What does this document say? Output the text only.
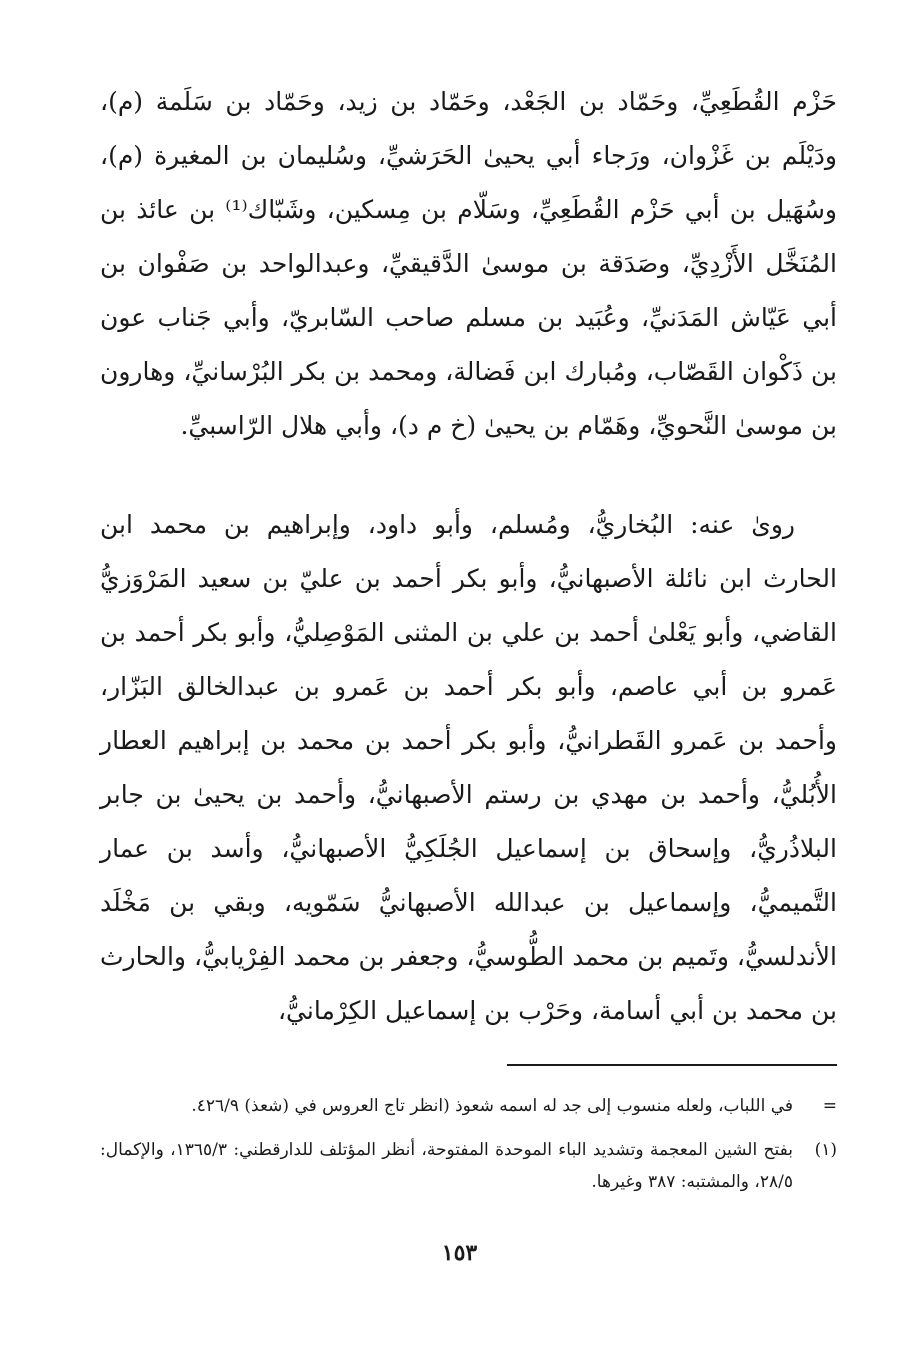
حَزْم القُطَعِيِّ، وحَمّاد بن الجَعْد، وحَمّاد بن زيد، وحَمّاد بن سَلَمة (م)، ودَيْلَم بن غَزْوان، ورَجاء أبي يحيىٰ الحَرَشيِّ، وسُليمان بن المغيرة (م)، وسُهَيل بن أبي حَزْم القُطَعِيِّ، وسَلّام بن مِسكين، وشَبّاك⁽¹⁾ بن عائذ بن المُنَخَّل الأَزْدِيِّ، وصَدَقة بن موسىٰ الدَّقيقيِّ، وعبدالواحد بن صَفْوان بن أبي عَيّاش المَدَنيِّ، وعُبَيد بن مسلم صاحب السّابريّ، وأبي جَناب عون بن ذَكْوان القَصّاب، ومُبارك ابن فَضالة، ومحمد بن بكر البُرْسانيِّ، وهارون بن موسىٰ النَّحويِّ، وهَمّام بن يحيىٰ (خ م د)، وأبي هلال الرّاسبيِّ.

روىٰ عنه: البُخاريُّ، ومُسلم، وأبو داود، وإبراهيم بن محمد ابن الحارث ابن نائلة الأصبهانيُّ، وأبو بكر أحمد بن عليّ بن سعيد المَرْوَزيُّ القاضي، وأبو يَعْلىٰ أحمد بن علي بن المثنى المَوْصِليُّ، وأبو بكر أحمد بن عَمرو بن أبي عاصم، وأبو بكر أحمد بن عَمرو بن عبدالخالق البَزّار، وأحمد بن عَمرو القَطرانيُّ، وأبو بكر أحمد بن محمد بن إبراهيم العطار الأُبُليُّ، وأحمد بن مهدي بن رستم الأصبهانيُّ، وأحمد بن يحيىٰ بن جابر البلاذُريُّ، وإسحاق بن إسماعيل الجُلَكِيُّ الأصبهانيُّ، وأسد بن عمار التَّميميُّ، وإسماعيل بن عبدالله الأصبهانيُّ سَمّويه، وبقي بن مَخْلَد الأندلسيُّ، وتَميم بن محمد الطُّوسيُّ، وجعفر بن محمد الفِرْيابيُّ، والحارث بن محمد بن أبي أسامة، وحَرْب بن إسماعيل الكِرْمانيُّ،

=
في اللباب، ولعله منسوب إلى جد له اسمه شعوذ (انظر تاج العروس في (شعذ) ٤٢٦/٩.
(١)
بفتح الشين المعجمة وتشديد الباء الموحدة المفتوحة، أنظر المؤتلف للدارقطني: ١٣٦٥/٣، والإكمال: ٢٨/٥، والمشتبه: ٣٨٧ وغيرها.
١٥٣
